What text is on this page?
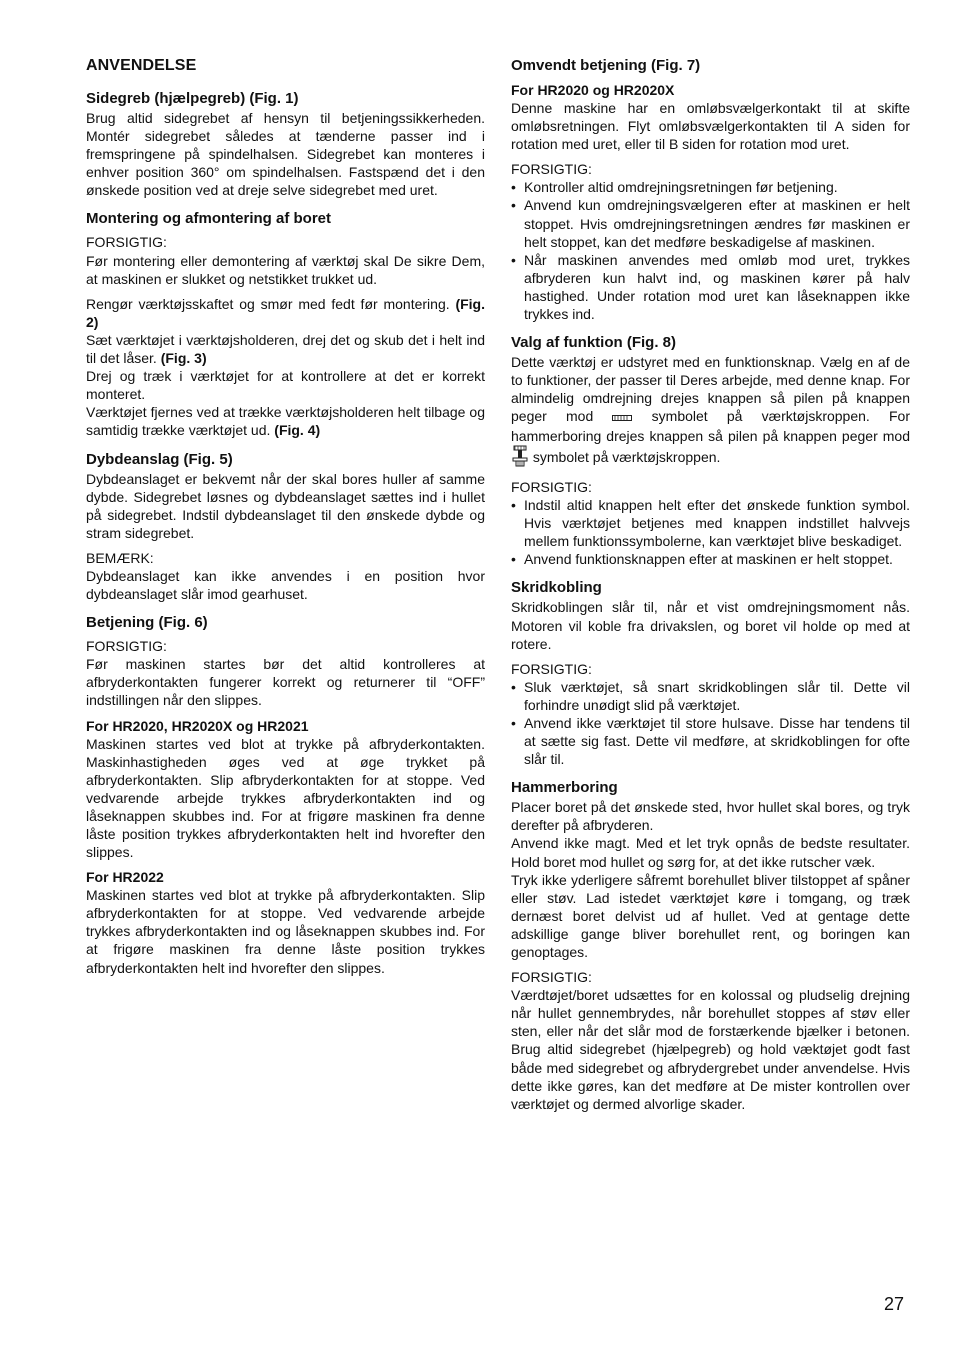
ANVENDELSE
Sidegreb (hjælpegreb) (Fig. 1)

Brug altid sidegrebet af hensyn til betjeningssikkerheden. Montér sidegrebet således at tænderne passer ind i fremspringene på spindelhalsen. Sidegrebet kan monteres i enhver position 360° om spindelhalsen. Fastspænd det i den ønskede position ved at dreje selve sidegrebet med uret.

Montering og afmontering af boret

FORSIGTIG:

Før montering eller demontering af værktøj skal De sikre Dem, at maskinen er slukket og netstikket trukket ud.

Rengør værktøjsskaftet og smør med fedt før montering. (Fig. 2)

Sæt værktøjet i værktøjsholderen, drej det og skub det i helt ind til det låser. (Fig. 3)

Drej og træk i værktøjet for at kontrollere at det er korrekt monteret.

Værktøjet fjernes ved at trække værktøjsholderen helt tilbage og samtidig trække værktøjet ud. (Fig. 4)

Dybdeanslag (Fig. 5)

Dybdeanslaget er bekvemt når der skal bores huller af samme dybde. Sidegrebet løsnes og dybdeanslaget sættes ind i hullet på sidegrebet. Indstil dybdeanslaget til den ønskede dybde og stram sidegrebet.

BEMÆRK:

Dybdeanslaget kan ikke anvendes i en position hvor dybdeanslaget slår imod gearhuset.

Betjening (Fig. 6)

FORSIGTIG:

Før maskinen startes bør det altid kontrolleres at afbryderkontakten fungerer korrekt og returnerer til “OFF” indstillingen når den slippes.

For HR2020, HR2020X og HR2021

Maskinen startes ved blot at trykke på afbryderkontakten. Maskinhastigheden øges ved at øge trykket på afbryderkontakten. Slip afbryderkontakten for at stoppe. Ved vedvarende arbejde trykkes afbryderkontakten ind og låseknappen skubbes ind. For at frigøre maskinen fra denne låste position trykkes afbryderkontakten helt ind hvorefter den slippes.

For HR2022

Maskinen startes ved blot at trykke på afbryderkontakten. Slip afbryderkontakten for at stoppe. Ved vedvarende arbejde trykkes afbryderkontakten ind og låseknappen skubbes ind. For at frigøre maskinen fra denne låste position trykkes afbryderkontakten helt ind hvorefter den slippes.

Omvendt betjening (Fig. 7)
For HR2020 og HR2020X

Denne maskine har en omløbsvælgerkontakt til at skifte omløbsretningen. Flyt omløbsvælgerkontakten til A siden for rotation med uret, eller til B siden for rotation mod uret.

FORSIGTIG:

• Kontroller altid omdrejningsretningen før betjening.
• Anvend kun omdrejningsvælgeren efter at maskinen er helt stoppet. Hvis omdrejningsretningen ændres før maskinen er helt stoppet, kan det medføre beskadigelse af maskinen.
• Når maskinen anvendes med omløb mod uret, trykkes afbryderen kun halvt ind, og maskinen kører på halv hastighed. Under rotation mod uret kan låseknappen ikke trykkes ind.
Valg af funktion (Fig. 8)

Dette værktøj er udstyret med en funktionsknap. Vælg en af de to funktioner, der passer til Deres arbejde, med denne knap. For almindelig omdrejning drejes knappen så pilen på knappen peger mod	symbolet på værktøjskroppen. For hammerboring drejes knappen så pilen på knappen peger mod  symbolet på værktøjskroppen.

FORSIGTIG:

• Indstil altid knappen helt efter det ønskede funktion symbol. Hvis værktøjet betjenes med knappen indstillet halvvejs mellem funktionssymbolerne, kan værktøjet blive beskadiget.
• Anvend funktionsknappen efter at maskinen er helt stoppet.
Skridkobling

Skridkoblingen slår til, når et vist omdrejningsmoment nås. Motoren vil koble fra drivakslen, og boret vil holde op med at rotere.

FORSIGTIG:

• Sluk værktøjet, så snart skridkoblingen slår til. Dette vil forhindre unødigt slid på værktøjet.
• Anvend ikke værktøjet til store hulsave. Disse har tendens til at sætte sig fast. Dette vil medføre, at skridkoblingen for ofte slår til.
Hammerboring

Placer boret på det ønskede sted, hvor hullet skal bores, og tryk derefter på afbryderen.

Anvend ikke magt. Med et let tryk opnås de bedste resultater. Hold boret mod hullet og sørg for, at det ikke rutscher væk.

Tryk ikke yderligere såfremt borehullet bliver tilstoppet af spåner eller støv. Lad istedet værktøjet køre i tomgang, og træk dernæst boret delvist ud af hullet. Ved at gentage dette adskillige gange bliver borehullet rent, og boringen kan genoptages.

FORSIGTIG:

Værdtøjet/boret udsættes for en kolossal og pludselig drejning når hullet gennembrydes, når borehullet stoppes af støv eller sten, eller når det slår mod de forstærkende bjælker i betonen. Brug altid sidegrebet (hjælpegreb) og hold væktøjet godt fast både med sidegrebet og afbrydergrebet under anvendelse. Hvis dette ikke gøres, kan det medføre at De mister kontrollen over værktøjet og dermed alvorlige skader.

27
